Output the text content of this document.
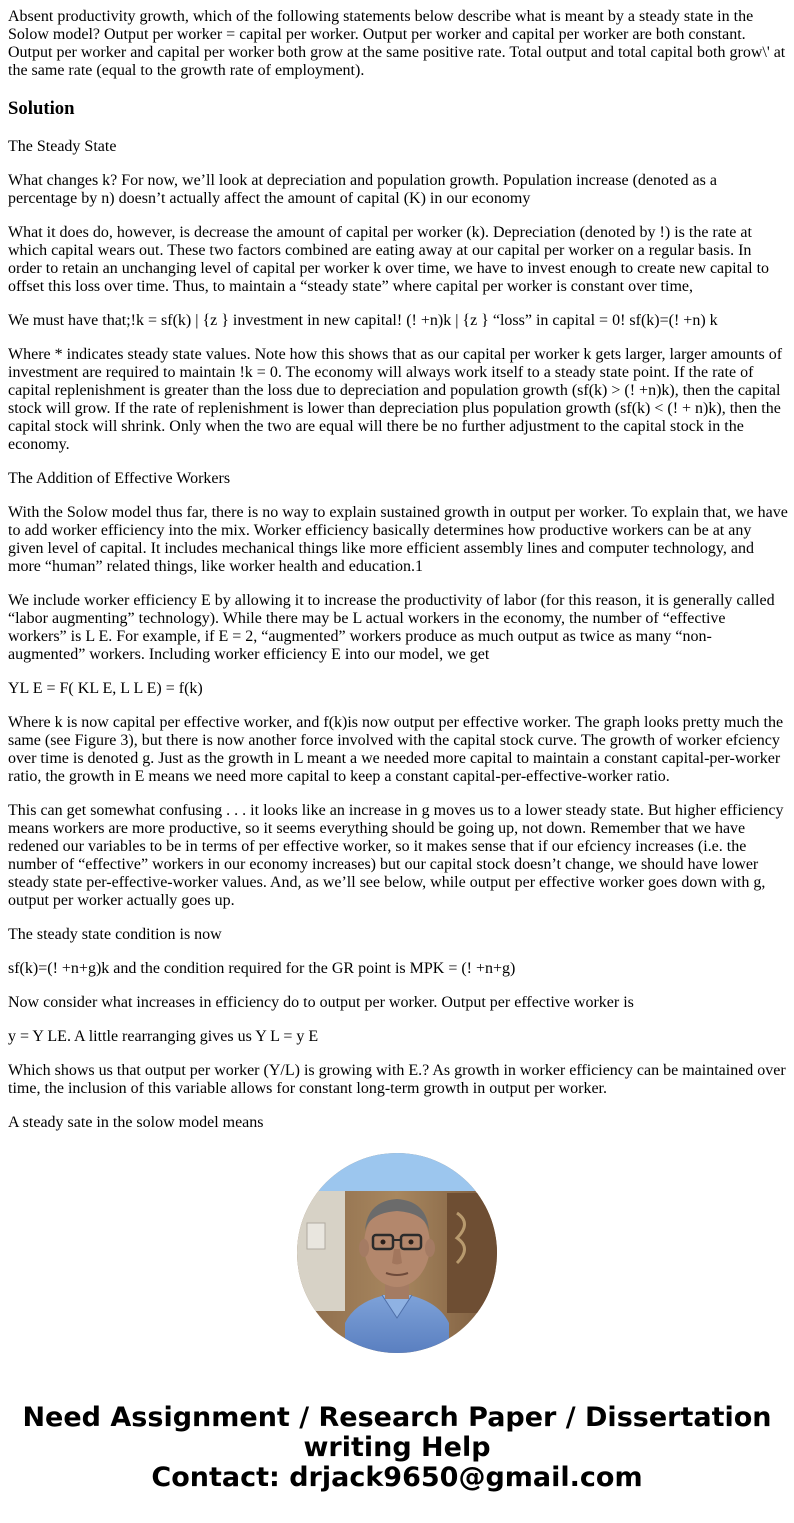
Absent productivity growth, which of the following statements below describe what is meant by a steady state in the Solow model? Output per worker = capital per worker. Output per worker and capital per worker are both constant. Output per worker and capital per worker both grow at the same positive rate. Total output and total capital both grow\' at the same rate (equal to the growth rate of employment).

Solution

The Steady State

What changes k? For now, we’ll look at depreciation and population growth. Population increase (denoted as a percentage by n) doesn’t actually affect the amount of capital (K) in our economy

What it does do, however, is decrease the amount of capital per worker (k). Depreciation (denoted by !) is the rate at which capital wears out. These two factors combined are eating away at our capital per worker on a regular basis. In order to retain an unchanging level of capital per worker k over time, we have to invest enough to create new capital to offset this loss over time. Thus, to maintain a “steady state” where capital per worker is constant over time,

We must have that;!k = sf(k) | {z } investment in new capital! (! +n)k | {z } “loss” in capital = 0! sf(k)=(! +n) k

Where * indicates steady state values. Note how this shows that as our capital per worker k gets larger, larger amounts of investment are required to maintain !k = 0. The economy will always work itself to a steady state point. If the rate of capital replenishment is greater than the loss due to depreciation and population growth (sf(k) > (! +n)k), then the capital stock will grow. If the rate of replenishment is lower than depreciation plus population growth (sf(k) < (! + n)k), then the capital stock will shrink. Only when the two are equal will there be no further adjustment to the capital stock in the economy.

The Addition of Effective Workers

With the Solow model thus far, there is no way to explain sustained growth in output per worker. To explain that, we have to add worker efficiency into the mix. Worker efficiency basically determines how productive workers can be at any given level of capital. It includes mechanical things like more efficient assembly lines and computer technology, and more “human” related things, like worker health and education.1

We include worker efficiency E by allowing it to increase the productivity of labor (for this reason, it is generally called “labor augmenting” technology). While there may be L actual workers in the economy, the number of “effective workers” is L E. For example, if E = 2, “augmented” workers produce as much output as twice as many “non-augmented” workers. Including worker efficiency E into our model, we get

YL E = F( KL E, L L E) = f(k)

Where k is now capital per effective worker, and f(k)is now output per effective worker. The graph looks pretty much the same (see Figure 3), but there is now another force involved with the capital stock curve. The growth of worker efciency over time is denoted g. Just as the growth in L meant a we needed more capital to maintain a constant capital-per-worker ratio, the growth in E means we need more capital to keep a constant capital-per-effective-worker ratio.

This can get somewhat confusing . . . it looks like an increase in g moves us to a lower steady state. But higher efficiency means workers are more productive, so it seems everything should be going up, not down. Remember that we have redened our variables to be in terms of per effective worker, so it makes sense that if our efciency increases (i.e. the number of “effective” workers in our economy increases) but our capital stock doesn’t change, we should have lower steady state per-effective-worker values. And, as we’ll see below, while output per effective worker goes down with g, output per worker actually goes up.

The steady state condition is now

sf(k)=(! +n+g)k and the condition required for the GR point is MPK = (! +n+g)

Now consider what increases in efficiency do to output per worker. Output per effective worker is

y = Y LE. A little rearranging gives us Y L = y E

Which shows us that output per worker (Y/L) is growing with E.? As growth in worker efficiency can be maintained over time, the inclusion of this variable allows for constant long-term growth in output per worker.

A steady sate in the solow model means

Need Assignment / Research Paper / Dissertation
writing Help
Contact: drjack9650@gmail.com
